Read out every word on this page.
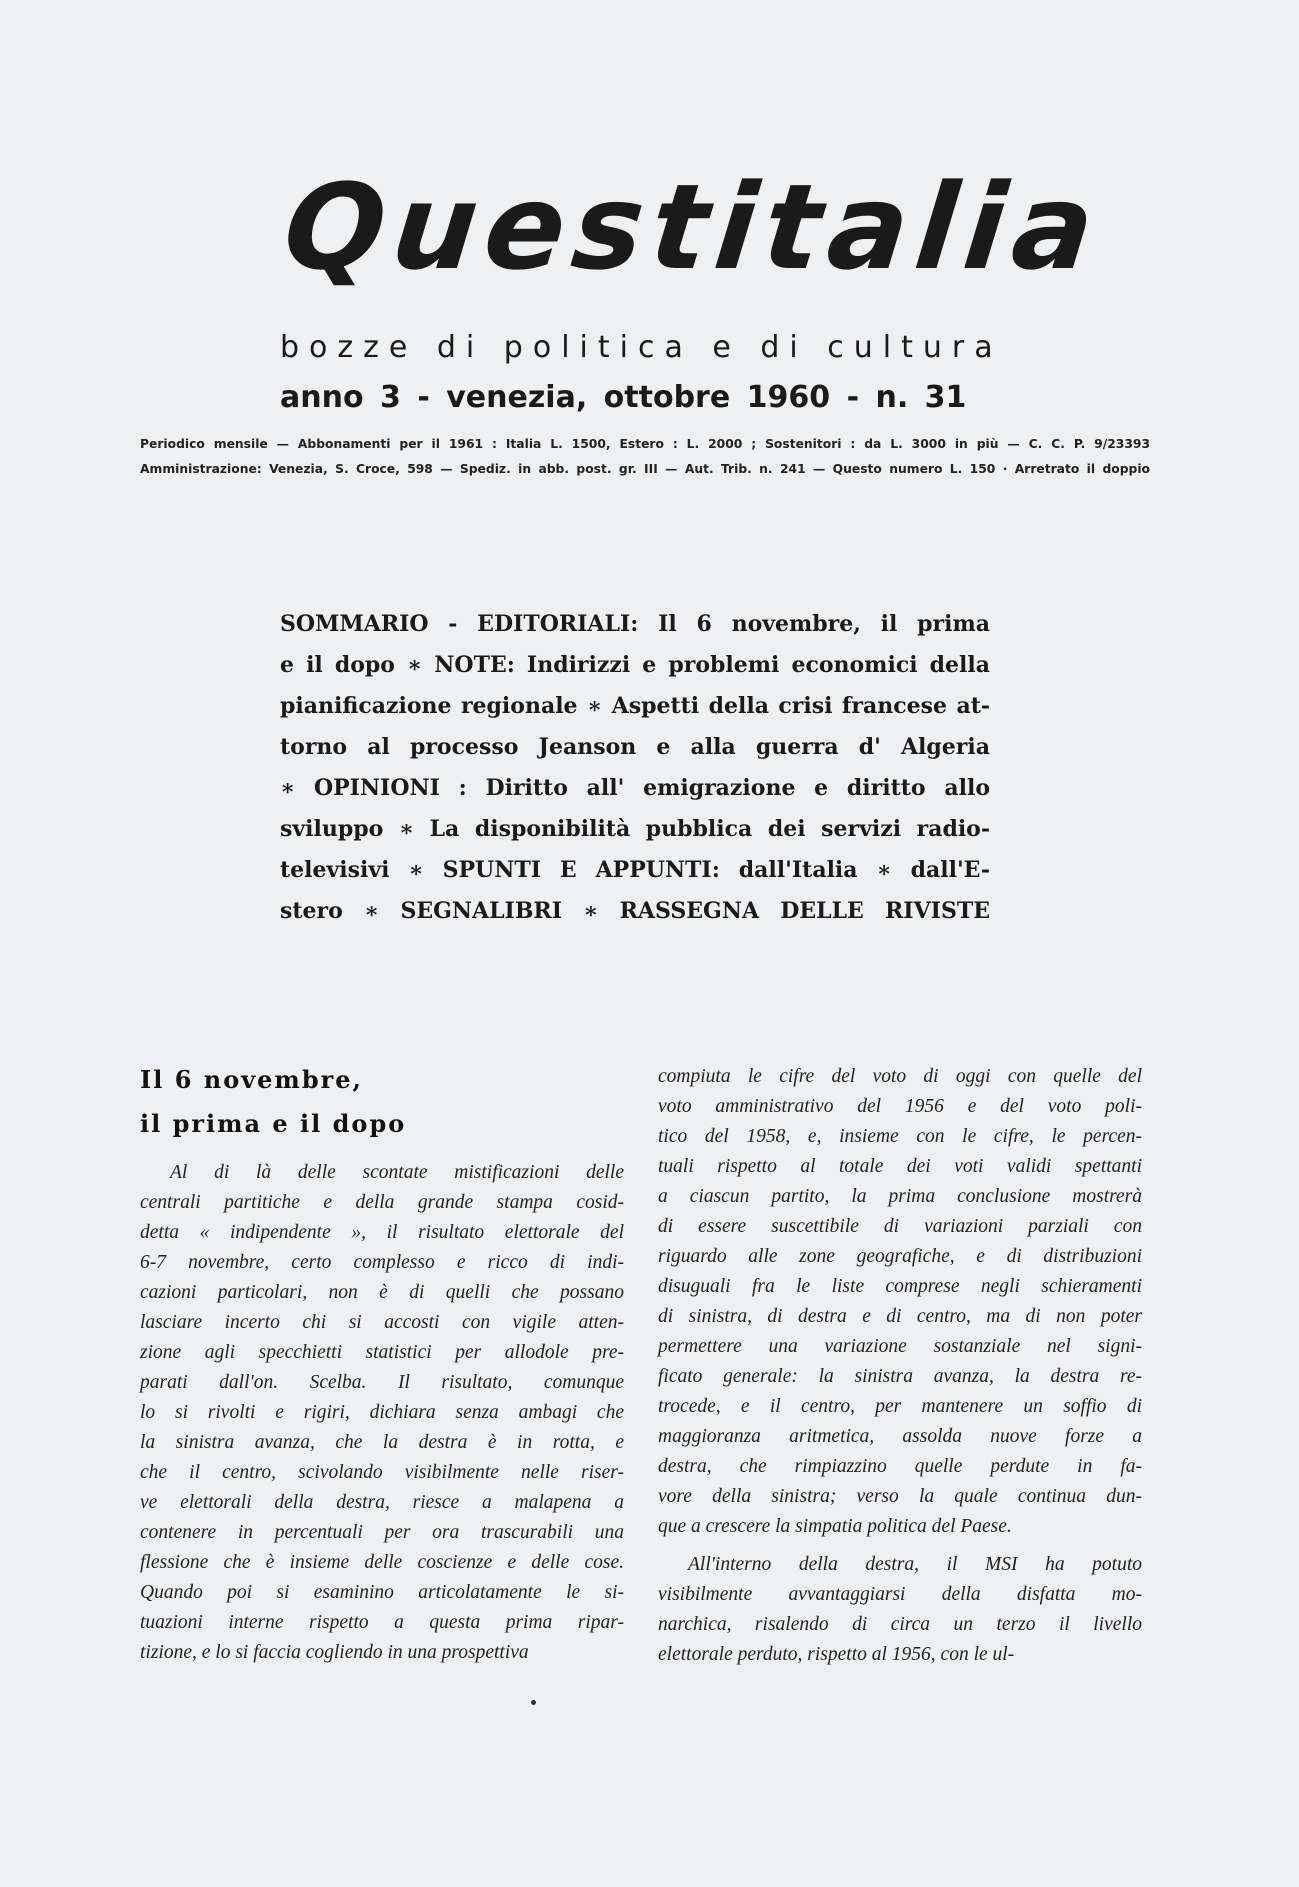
Questitalia
bozze di politica e di cultura
anno 3 - venezia, ottobre 1960 - n. 31
Periodico mensile — Abbonamenti per il 1961 : Italia L. 1500, Estero : L. 2000 ; Sostenitori : da L. 3000 in più — C. C. P. 9/23393
Amministrazione: Venezia, S. Croce, 598 — Spediz. in abb. post. gr. III — Aut. Trib. n. 241 — Questo numero L. 150 · Arretrato il doppio
SOMMARIO - EDITORIALI: Il 6 novembre, il prima
e il dopo ∗ NOTE: Indirizzi e problemi economici della
pianificazione regionale ∗ Aspetti della crisi francese at-
torno al processo Jeanson e alla guerra d' Algeria
∗ OPINIONI : Diritto all' emigrazione e diritto allo
sviluppo ∗ La disponibilità pubblica dei servizi radio-
televisivi ∗ SPUNTI E APPUNTI: dall'Italia ∗ dall'E-
stero ∗ SEGNALIBRI ∗ RASSEGNA DELLE RIVISTE
Il 6 novembre,
il prima e il dopo
Al di là delle scontate mistificazioni delle
centrali partitiche e della grande stampa cosid-
detta « indipendente », il risultato elettorale del
6-7 novembre, certo complesso e ricco di indi-
cazioni particolari, non è di quelli che possano
lasciare incerto chi si accosti con vigile atten-
zione agli specchietti statistici per allodole pre-
parati dall'on. Scelba. Il risultato, comunque
lo si rivolti e rigiri, dichiara senza ambagi che
la sinistra avanza, che la destra è in rotta, e
che il centro, scivolando visibilmente nelle riser-
ve elettorali della destra, riesce a malapena a
contenere in percentuali per ora trascurabili una
flessione che è insieme delle coscienze e delle cose.
Quando poi si esaminino articolatamente le si-
tuazioni interne rispetto a questa prima ripar-
tizione, e lo si faccia cogliendo in una prospettiva
compiuta le cifre del voto di oggi con quelle del
voto amministrativo del 1956 e del voto poli-
tico del 1958, e, insieme con le cifre, le percen-
tuali rispetto al totale dei voti validi spettanti
a ciascun partito, la prima conclusione mostrerà
di essere suscettibile di variazioni parziali con
riguardo alle zone geografiche, e di distribuzioni
disuguali fra le liste comprese negli schieramenti
di sinistra, di destra e di centro, ma di non poter
permettere una variazione sostanziale nel signi-
ficato generale: la sinistra avanza, la destra re-
trocede, e il centro, per mantenere un soffio di
maggioranza aritmetica, assolda nuove forze a
destra, che rimpiazzino quelle perdute in fa-
vore della sinistra; verso la quale continua dun-
que a crescere la simpatia politica del Paese.
All'interno della destra, il MSI ha potuto
visibilmente avvantaggiarsi della disfatta mo-
narchica, risalendo di circa un terzo il livello
elettorale perduto, rispetto al 1956, con le ul-
